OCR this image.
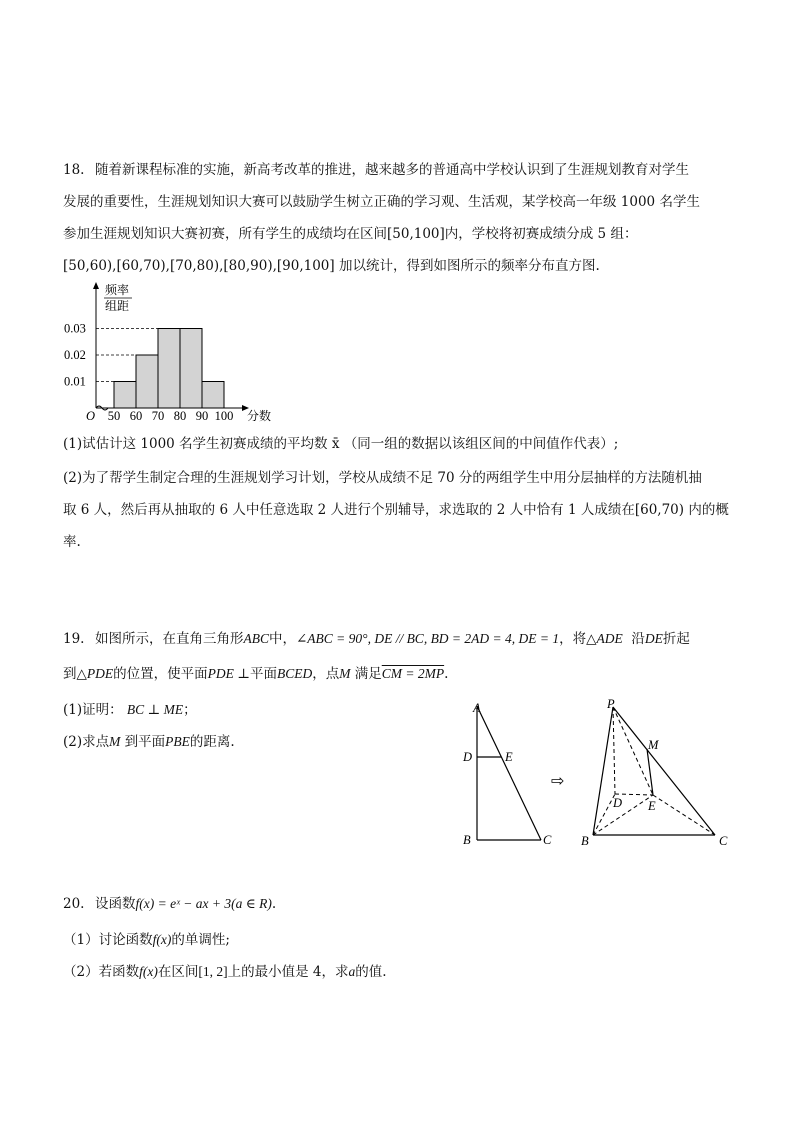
18. 随着新课程标准的实施，新高考改革的推进，越来越多的普通高中学校认识到了生涯规划教育对学生
发展的重要性，生涯规划知识大赛可以鼓励学生树立正确的学习观、生活观，某学校高一年级 1000 名学生
参加生涯规划知识大赛初赛，所有学生的成绩均在区间[50,100]内，学校将初赛成绩分成 5 组：
[50,60),[60,70),[70,80),[80,90),[90,100] 加以统计，得到如图所示的频率分布直方图.
0.01
0.02
0.03
50 60 70 80 90 100
频率
组距
O	分数
(1)试估计这 1000 名学生初赛成绩的平均数 x̄ （同一组的数据以该组区间的中间值作代表）;
(2)为了帮学生制定合理的生涯规划学习计划，学校从成绩不足 70 分的两组学生中用分层抽样的方法随机抽
取 6 人，然后再从抽取的 6 人中任意选取 2 人进行个别辅导，求选取的 2 人中恰有 1 人成绩在[60,70) 内的概
率.
19. 如图所示，在直角三角形ABC中，∠ABC = 90°, DE // BC, BD = 2AD = 4, DE = 1，将△ADE 沿DE折起
到△PDE的位置，使平面PDE ⊥平面BCED，点M 满足CM = 2MP.
(1)证明： BC ⊥ ME；
(2)求点M 到平面PBE的距离.
A
D	E
B	C
⇨
P
M
D E
B	C
20. 设函数f(x) = eˣ − ax + 3(a ∈ R).
（1）讨论函数f(x)的单调性;
（2）若函数f(x)在区间[1, 2]上的最小值是 4，求a的值.
